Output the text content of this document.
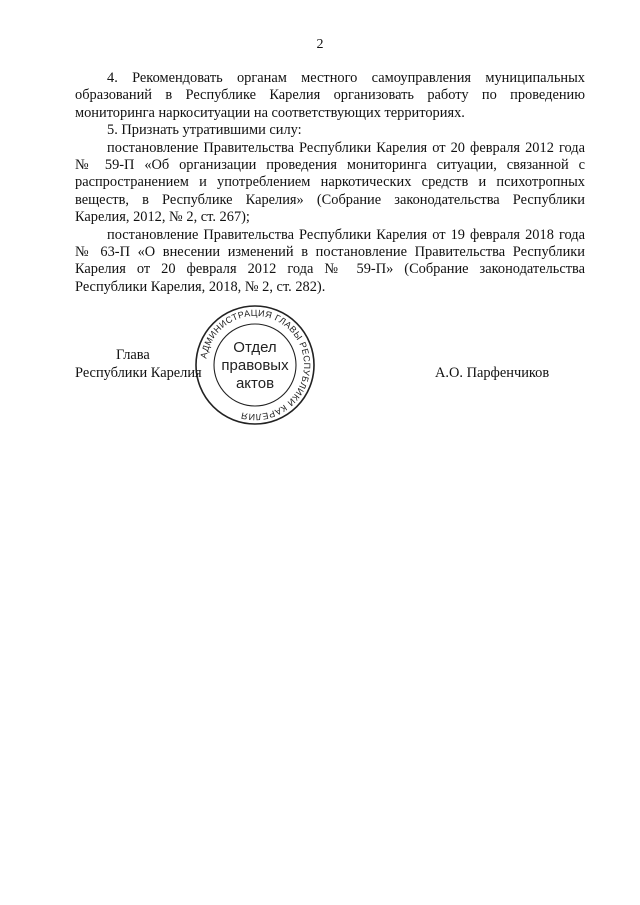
2

4. Рекомендовать органам местного самоуправления муниципальных образований в Республике Карелия организовать работу по проведению мониторинга наркоситуации на соответствующих территориях.

5. Признать утратившими силу:

постановление Правительства Республики Карелия от 20 февраля 2012 года № 59-П «Об организации проведения мониторинга ситуации, связанной с распространением и употреблением наркотических средств и психотропных веществ, в Республике Карелия» (Собрание законодательства Республики Карелия, 2012, № 2, ст. 267);

постановление Правительства Республики Карелия от 19 февраля 2018 года № 63-П «О внесении изменений в постановление Правительства Республики Карелия от 20 февраля 2012 года № 59-П» (Собрание законодательства Республики Карелия, 2018, № 2, ст. 282).

АДМИНИСТРАЦИЯ ГЛАВЫ РЕСПУБЛИКИ КАРЕЛИЯ
Отдел
правовых
актов
Глава
Республики Карелия	А.О. Парфенчиков
